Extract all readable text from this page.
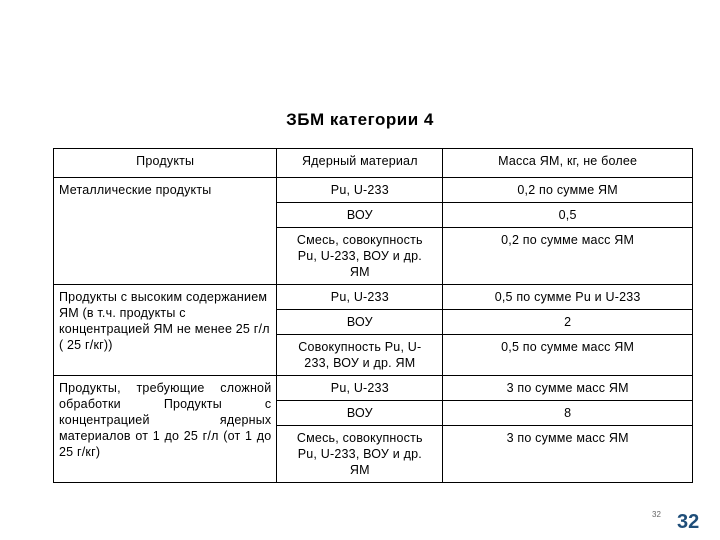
ЗБМ категории 4
Продукты	Ядерный материал	Масса ЯМ, кг, не более
Металлические продукты	Pu, U-233	0,2 по сумме ЯМ
	ВОУ	0,5
	Смесь, совокупность Pu, U-233, ВОУ и др. ЯМ	0,2 по сумме масс ЯМ
Продукты с высоким содержанием ЯМ (в т.ч. продукты с концентрацией ЯМ не менее 25 г/л ( 25 г/кг))	Pu, U-233	0,5 по сумме Pu и U-233
	ВОУ	2
	Совокупность Pu, U-233, ВОУ и др. ЯМ	0,5 по сумме масс ЯМ
Продукты, требующие сложной обработки Продукты с концентрацией ядерных материалов от 1 до 25 г/л (от 1 до 25 г/кг)	Pu, U-233	3 по сумме масс ЯМ
	ВОУ	8
	Смесь, совокупность Pu, U-233, ВОУ и др. ЯМ	3 по сумме масс ЯМ
32 32
